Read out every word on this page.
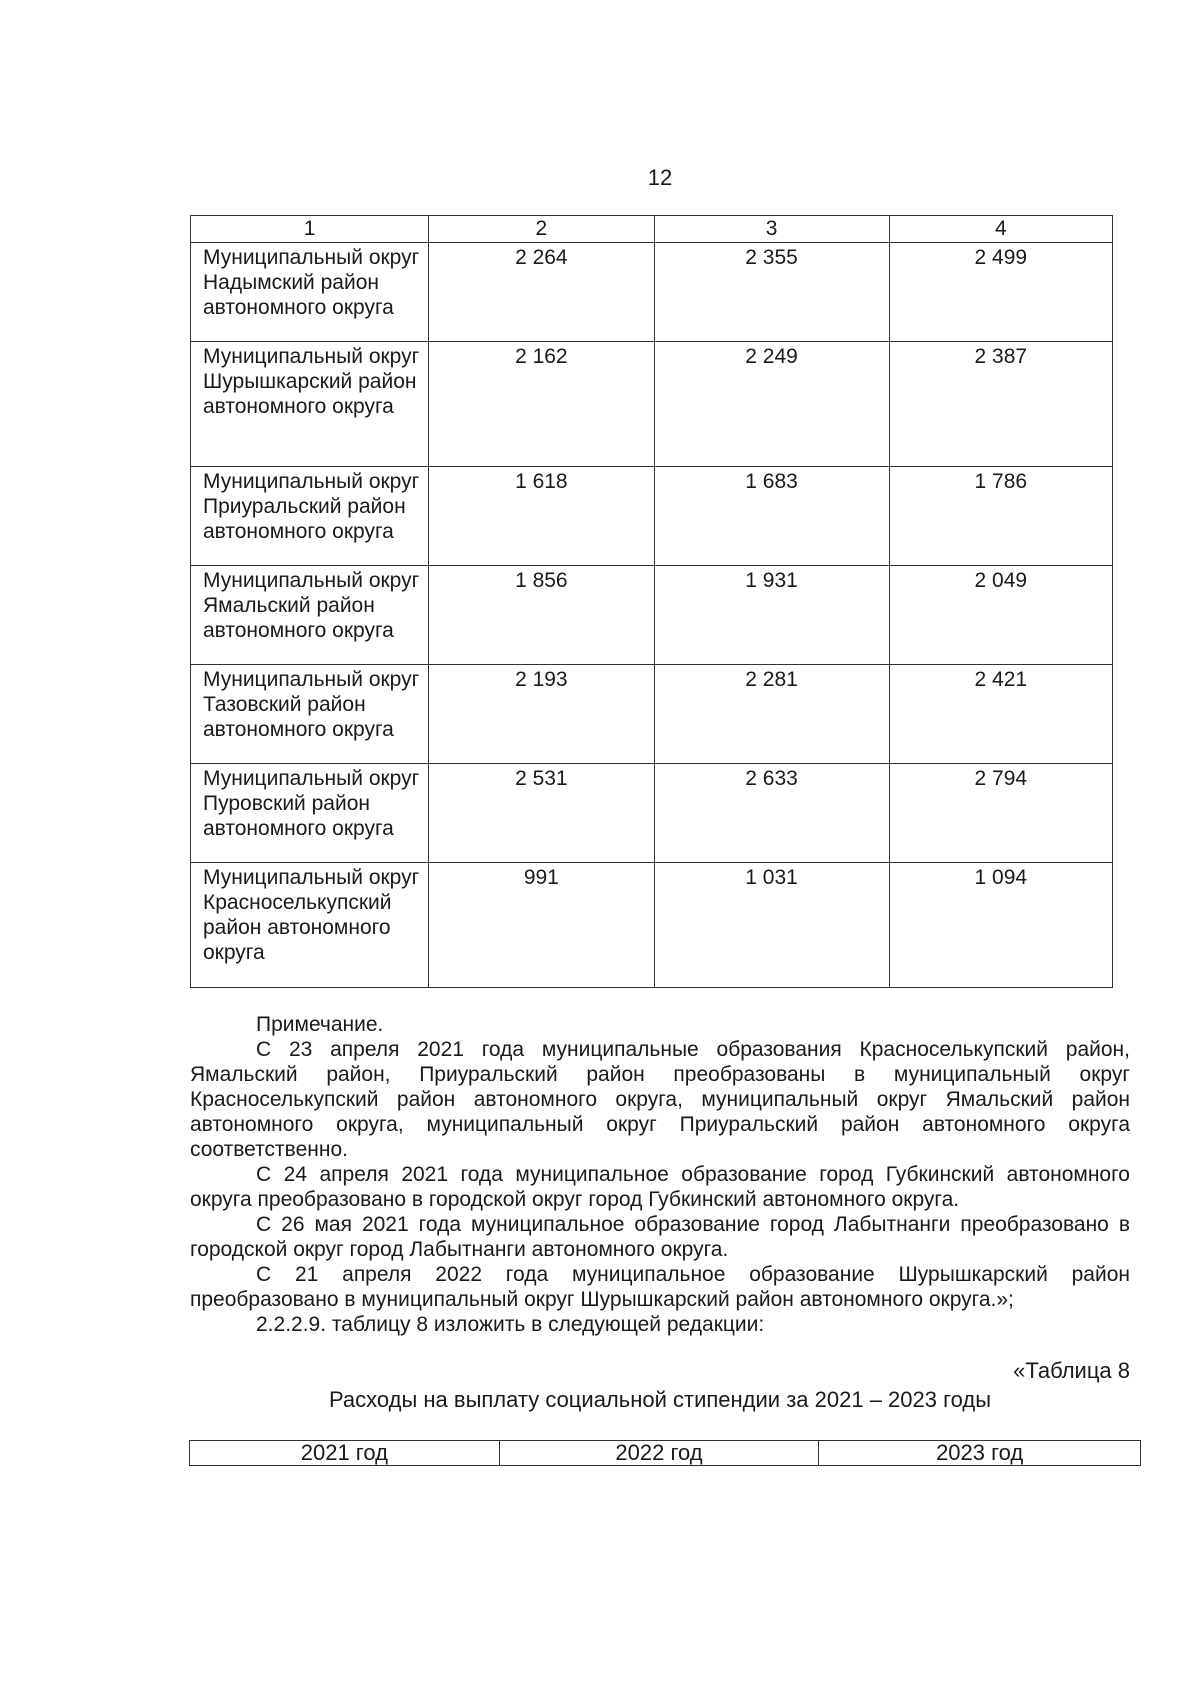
12
1	2	3	4
Муниципальный округ Надымский район автономного округа	2 264	2 355	2 499
Муниципальный округ Шурышкарский район автономного округа	2 162	2 249	2 387
Муниципальный округ Приуральский район автономного округа	1 618	1 683	1 786
Муниципальный округ Ямальский район автономного округа	1 856	1 931	2 049
Муниципальный округ Тазовский район автономного округа	2 193	2 281	2 421
Муниципальный округ Пуровский район автономного округа	2 531	2 633	2 794
Муниципальный округ Красноселькупский район автономного округа	991	1 031	1 094

Примечание.

С 23 апреля 2021 года муниципальные образования Красноселькупский район, Ямальский район, Приуральский район преобразованы в муниципальный округ Красноселькупский район автономного округа, муниципальный округ Ямальский район автономного округа, муниципальный округ Приуральский район автономного округа соответственно.

С 24 апреля 2021 года муниципальное образование город Губкинский автономного округа преобразовано в городской округ город Губкинский автономного округа.

С 26 мая 2021 года муниципальное образование город Лабытнанги преобразовано в городской округ город Лабытнанги автономного округа.

С 21 апреля 2022 года муниципальное образование Шурышкарский район преобразовано в муниципальный округ Шурышкарский район автономного округа.»;

2.2.2.9. таблицу 8 изложить в следующей редакции:

«Таблица 8
Расходы на выплату социальной стипендии за 2021 – 2023 годы
2021 год	2022 год	2023 год
